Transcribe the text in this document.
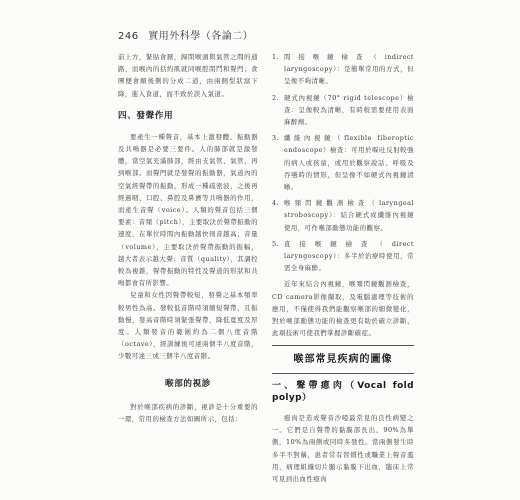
246 實用外科學（各論二）

前上方，緊貼會厭，歸閉喉頭與氣管之間的通路，而喉內的括約肌就同喉腔閉鬥和聲門；食團便會順後側的分成二道，由兩側梨狀窩下降，進入食道，而不致於誤入氣道。

四、發聲作用

要產生一種聲音，基本上激發體、振動器及共鳴器是必要三要件。人的肺部就是激發體，當空氣充滿肺部，經由支氣管、氣管，再到喉部。而聲門就是發聲的振動器，氣道內的空氣經聲帶的振動，形成一種疏密波，之後再經過咽、口腔、鼻腔及鼻竇等共鳴器的作用，而產生音聲（voice）。人類的聲音包括三個要素：音頻（pitch），主要取決於聲帶振動的速度，在單位時間內振動越快則音越高；音量（volume），主要取決於聲帶振動的振幅，越大者表示越大聲；音質（quality），其調控較為複雜，聲帶振動的特性及聲道的形狀和共鳴都會有所影響。

兒童和女性因聲帶較短，發聲之基本頻率較男性為高。發較低音階時須縮短聲帶，且振動慢，發高音階時須緊張聲帶，降低寬度及厚度。人類發音的範圍約為二個八度音階（octave），經訓練後可達兩個半八度音階，少數可達三或三個半八度音階。

喉部的視診

對於喉部疾病的診斷，視診是十分重要的一環，常用的檢查方法如圖所示，包括：

1. 間接喉鏡檢查（indirect laryngoscopy）：是簡單常用的方式，但呈像不夠清晰。
2. 硬式內視鏡（70° rigid telescope）檢查：呈像較為清晰，有時較需要使用表面麻醉劑。
3. 纖維內視鏡（flexible fiberoptic endoscope）檢查：可用於嘔吐反射較強的病人或孩童，或用於觀察說話、呼吸及吞嚥時的情形，但呈像不如硬式內視鏡清晰。
4. 喉頻閃鏡觀測檢查（laryngeal stroboscopy）：結合硬式或纖維內視鏡使用，可作喉部動態功能的觀察。
5. 直接喉鏡檢查（direct laryngoscopy）：多半於治療時使用，常需全身麻醉。

近年來結合內視鏡，喉頻閃鏡觀測檢查，CD camera影像擷取，及電腦處理等技術的應用，不僅使得我們能觀察喉部的細微變化，對於喉部動態功能的檢查更有助於確立診斷，此項技術可使我們掌握診斷確症。

喉部常見疾病的圖像
一、聲帶瘜肉（Vocal fold polyp）

瘜肉是造成聲音沙啞最常見的良性病變之一。它們是自聲帶的黏膜部長出，90%為單側，10%為兩側或同時多發性。當兩側發生時多半不對稱，患者常有習慣性或職業上聲音濫用，病理組織切片顯示黏膜下出血，臨床上常可見到出血性瘜肉
